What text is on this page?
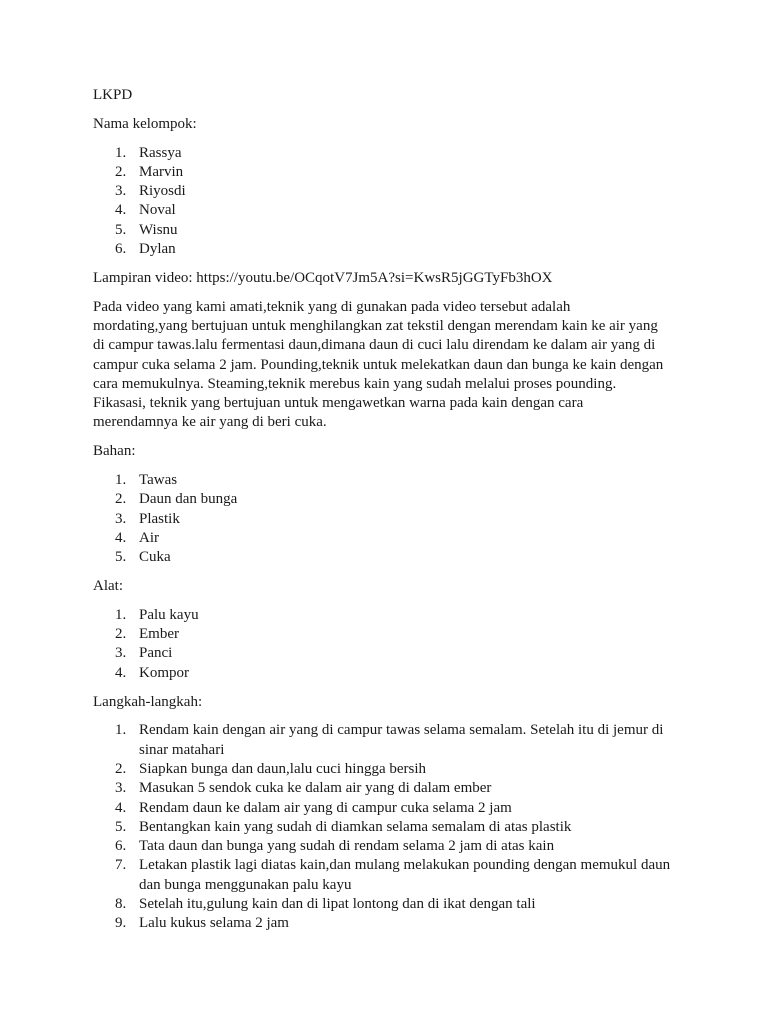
LKPD

Nama kelompok:

1. Rassya
2. Marvin
3. Riyosdi
4. Noval
5. Wisnu
6. Dylan

Lampiran video: https://youtu.be/OCqotV7Jm5A?si=KwsR5jGGTyFb3hOX

Pada video yang kami amati,teknik yang di gunakan pada video tersebut adalah mordating,yang bertujuan untuk menghilangkan zat tekstil dengan merendam kain ke air yang di campur tawas.lalu fermentasi daun,dimana daun di cuci lalu direndam ke dalam air yang di campur cuka selama 2 jam. Pounding,teknik untuk melekatkan daun dan bunga ke kain dengan cara memukulnya. Steaming,teknik merebus kain yang sudah melalui proses pounding. Fikasasi, teknik yang bertujuan untuk mengawetkan warna pada kain dengan cara merendamnya ke air yang di beri cuka.

Bahan:

1. Tawas
2. Daun dan bunga
3. Plastik
4. Air
5. Cuka

Alat:

1. Palu kayu
2. Ember
3. Panci
4. Kompor

Langkah-langkah:

1. Rendam kain dengan air yang di campur tawas selama semalam. Setelah itu di jemur di sinar matahari
2. Siapkan bunga dan daun,lalu cuci hingga bersih
3. Masukan 5 sendok cuka ke dalam air yang di dalam ember
4. Rendam daun ke dalam air yang di campur cuka selama 2 jam
5. Bentangkan kain yang sudah di diamkan selama semalam di atas plastik
6. Tata daun dan bunga yang sudah di rendam selama 2 jam di atas kain
7. Letakan plastik lagi diatas kain,dan mulang melakukan pounding dengan memukul daun dan bunga menggunakan palu kayu
8. Setelah itu,gulung kain dan di lipat lontong dan di ikat dengan tali
9. Lalu kukus selama 2 jam
